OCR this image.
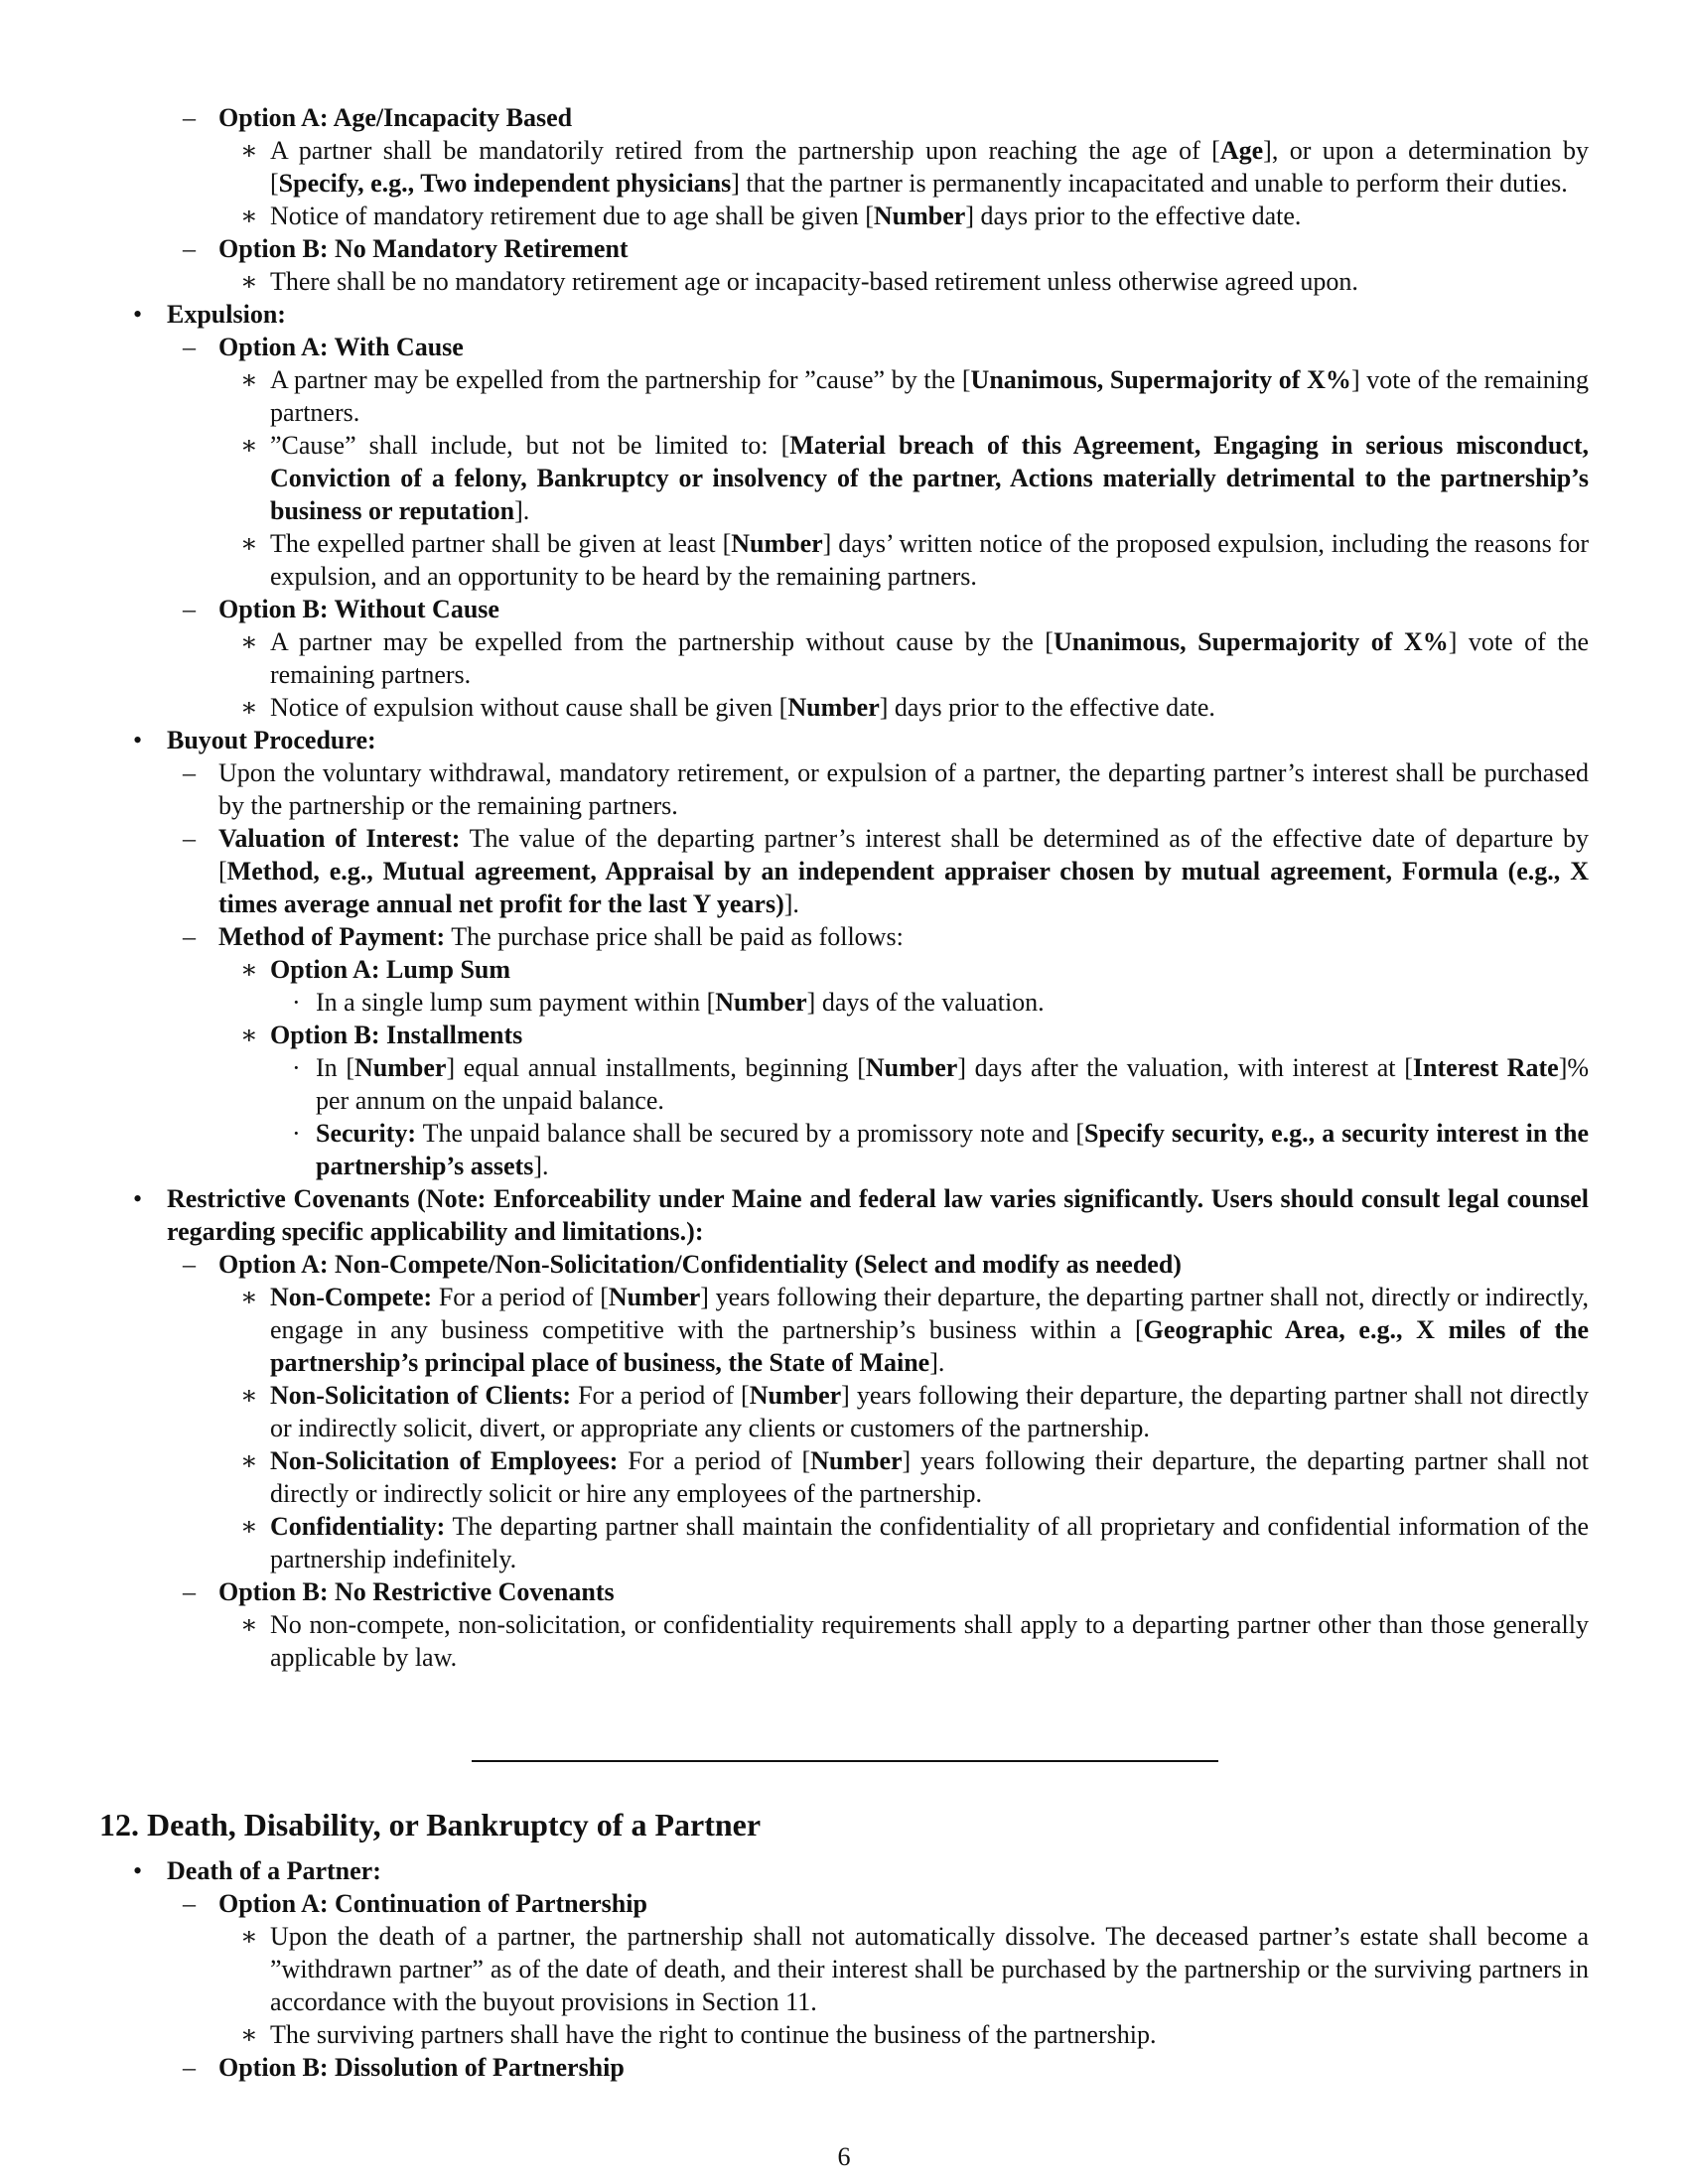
– Option A: Age/Incapacity Based
∗ A partner shall be mandatorily retired from the partnership upon reaching the age of [Age], or upon a determination by [Specify, e.g., Two independent physicians] that the partner is permanently incapacitated and unable to perform their duties.
∗ Notice of mandatory retirement due to age shall be given [Number] days prior to the effective date.
– Option B: No Mandatory Retirement
∗ There shall be no mandatory retirement age or incapacity-based retirement unless otherwise agreed upon.
• Expulsion:
– Option A: With Cause
∗ A partner may be expelled from the partnership for ”cause” by the [Unanimous, Supermajority of X%] vote of the remaining partners.
∗ ”Cause” shall include, but not be limited to: [Material breach of this Agreement, Engaging in serious misconduct, Conviction of a felony, Bankruptcy or insolvency of the partner, Actions materially detrimental to the partnership’s business or reputation].
∗ The expelled partner shall be given at least [Number] days’ written notice of the proposed expulsion, including the reasons for expulsion, and an opportunity to be heard by the remaining partners.
– Option B: Without Cause
∗ A partner may be expelled from the partnership without cause by the [Unanimous, Supermajority of X%] vote of the remaining partners.
∗ Notice of expulsion without cause shall be given [Number] days prior to the effective date.
• Buyout Procedure:
– Upon the voluntary withdrawal, mandatory retirement, or expulsion of a partner, the departing partner’s interest shall be purchased by the partnership or the remaining partners.
– Valuation of Interest: The value of the departing partner’s interest shall be determined as of the effective date of departure by [Method, e.g., Mutual agreement, Appraisal by an independent appraiser chosen by mutual agreement, Formula (e.g., X times average annual net profit for the last Y years)].
– Method of Payment: The purchase price shall be paid as follows:
∗ Option A: Lump Sum
· In a single lump sum payment within [Number] days of the valuation.
∗ Option B: Installments
· In [Number] equal annual installments, beginning [Number] days after the valuation, with interest at [Interest Rate]% per annum on the unpaid balance.
· Security: The unpaid balance shall be secured by a promissory note and [Specify security, e.g., a security interest in the partnership’s assets].
• Restrictive Covenants (Note: Enforceability under Maine and federal law varies significantly. Users should consult legal counsel regarding specific applicability and limitations.):
– Option A: Non-Compete/Non-Solicitation/Confidentiality (Select and modify as needed)
∗ Non-Compete: For a period of [Number] years following their departure, the departing partner shall not, directly or indirectly, engage in any business competitive with the partnership’s business within a [Geographic Area, e.g., X miles of the partnership’s principal place of business, the State of Maine].
∗ Non-Solicitation of Clients: For a period of [Number] years following their departure, the departing partner shall not directly or indirectly solicit, divert, or appropriate any clients or customers of the partnership.
∗ Non-Solicitation of Employees: For a period of [Number] years following their departure, the departing partner shall not directly or indirectly solicit or hire any employees of the partnership.
∗ Confidentiality: The departing partner shall maintain the confidentiality of all proprietary and confidential information of the partnership indefinitely.
– Option B: No Restrictive Covenants
∗ No non-compete, non-solicitation, or confidentiality requirements shall apply to a departing partner other than those generally applicable by law.
12. Death, Disability, or Bankruptcy of a Partner
• Death of a Partner:
– Option A: Continuation of Partnership
∗ Upon the death of a partner, the partnership shall not automatically dissolve. The deceased partner’s estate shall become a ”withdrawn partner” as of the date of death, and their interest shall be purchased by the partnership or the surviving partners in accordance with the buyout provisions in Section 11.
∗ The surviving partners shall have the right to continue the business of the partnership.
– Option B: Dissolution of Partnership
6
